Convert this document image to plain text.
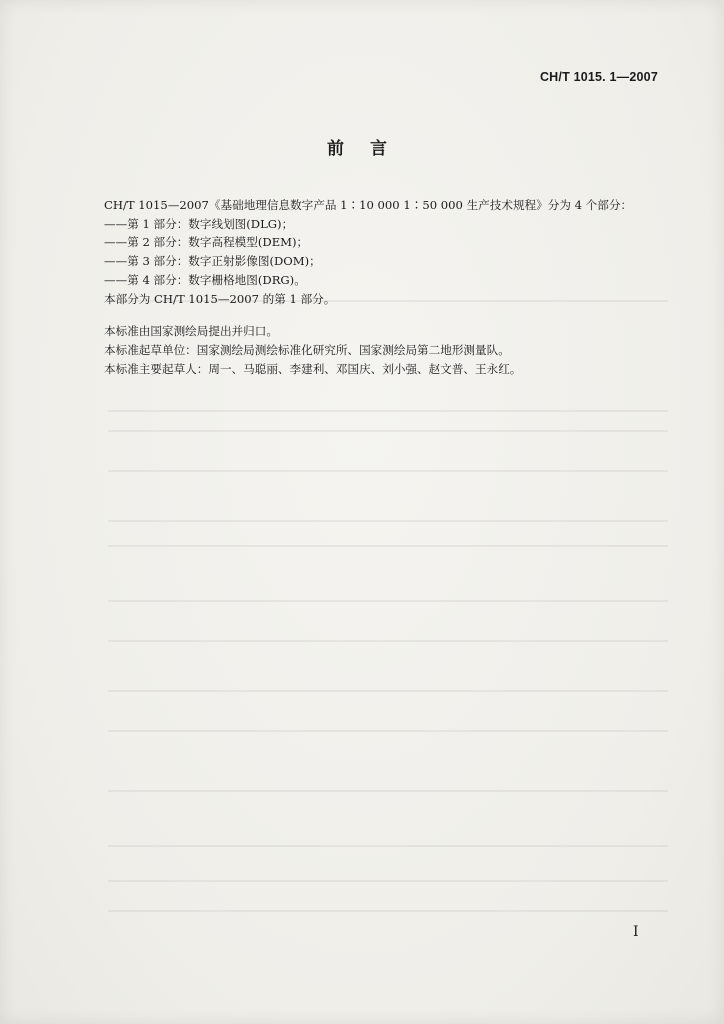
CH/T 1015. 1—2007
前 言
CH/T 1015—2007《基础地理信息数字产品 1∶10 000 1∶50 000 生产技术规程》分为 4 个部分：
——第 1 部分：数字线划图(DLG)；
——第 2 部分：数字高程模型(DEM)；
——第 3 部分：数字正射影像图(DOM)；
——第 4 部分：数字栅格地图(DRG)。
本部分为 CH/T 1015—2007 的第 1 部分。
本标准由国家测绘局提出并归口。
本标准起草单位：国家测绘局测绘标准化研究所、国家测绘局第二地形测量队。
本标准主要起草人：周一、马聪丽、李建利、邓国庆、刘小强、赵文普、王永红。
I
